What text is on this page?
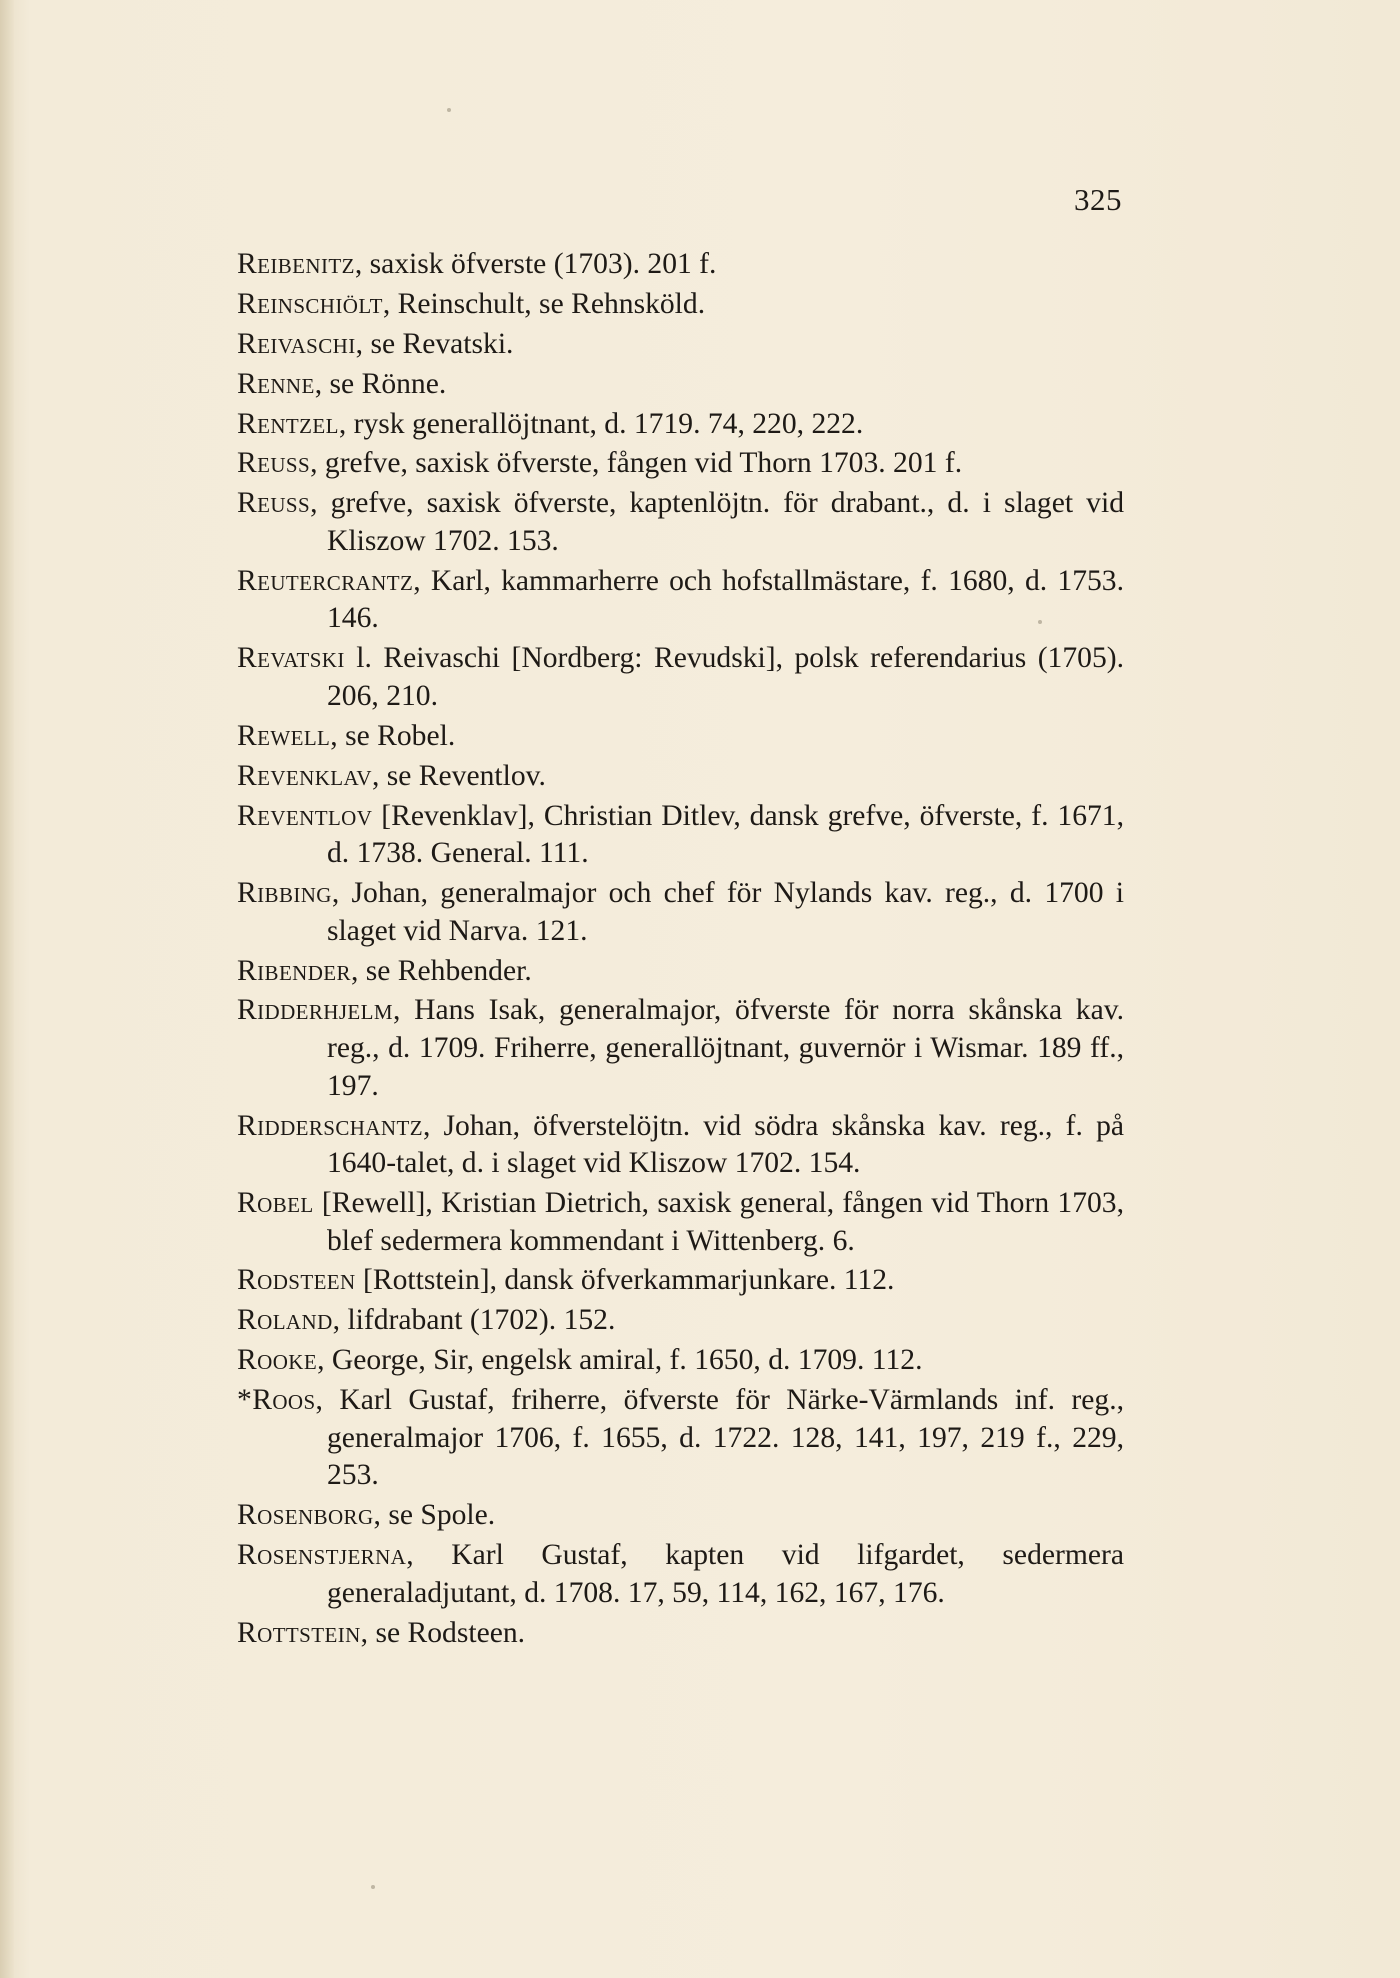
325

Reibenitz, saxisk öfverste (1703). 201 f.

Reinschiölt, Reinschult, se Rehnsköld.

Reivaschi, se Revatski.

Renne, se Rönne.

Rentzel, rysk generallöjtnant, d. 1719. 74, 220, 222.

Reuss, grefve, saxisk öfverste, fången vid Thorn 1703. 201 f.

Reuss, grefve, saxisk öfverste, kaptenlöjtn. för drabant., d. i slaget vid Kliszow 1702. 153.

Reutercrantz, Karl, kammarherre och hofstallmästare, f. 1680, d. 1753. 146.

Revatski l. Reivaschi [Nordberg: Revudski], polsk referendarius (1705). 206, 210.

Rewell, se Robel.

Revenklav, se Reventlov.

Reventlov [Revenklav], Christian Ditlev, dansk grefve, öfverste, f. 1671, d. 1738. General. 111.

Ribbing, Johan, generalmajor och chef för Nylands kav. reg., d. 1700 i slaget vid Narva. 121.

Ribender, se Rehbender.

Ridderhjelm, Hans Isak, generalmajor, öfverste för norra skånska kav. reg., d. 1709. Friherre, generallöjtnant, guvernör i Wismar. 189 ff., 197.

Ridderschantz, Johan, öfverstelöjtn. vid södra skånska kav. reg., f. på 1640-talet, d. i slaget vid Kliszow 1702. 154.

Robel [Rewell], Kristian Dietrich, saxisk general, fången vid Thorn 1703, blef sedermera kommendant i Wittenberg. 6.

Rodsteen [Rottstein], dansk öfverkammarjunkare. 112.

Roland, lifdrabant (1702). 152.

Rooke, George, Sir, engelsk amiral, f. 1650, d. 1709. 112.

*Roos, Karl Gustaf, friherre, öfverste för Närke-Värmlands inf. reg., generalmajor 1706, f. 1655, d. 1722. 128, 141, 197, 219 f., 229, 253.

Rosenborg, se Spole.

Rosenstjerna, Karl Gustaf, kapten vid lifgardet, sedermera generaladjutant, d. 1708. 17, 59, 114, 162, 167, 176.

Rottstein, se Rodsteen.
